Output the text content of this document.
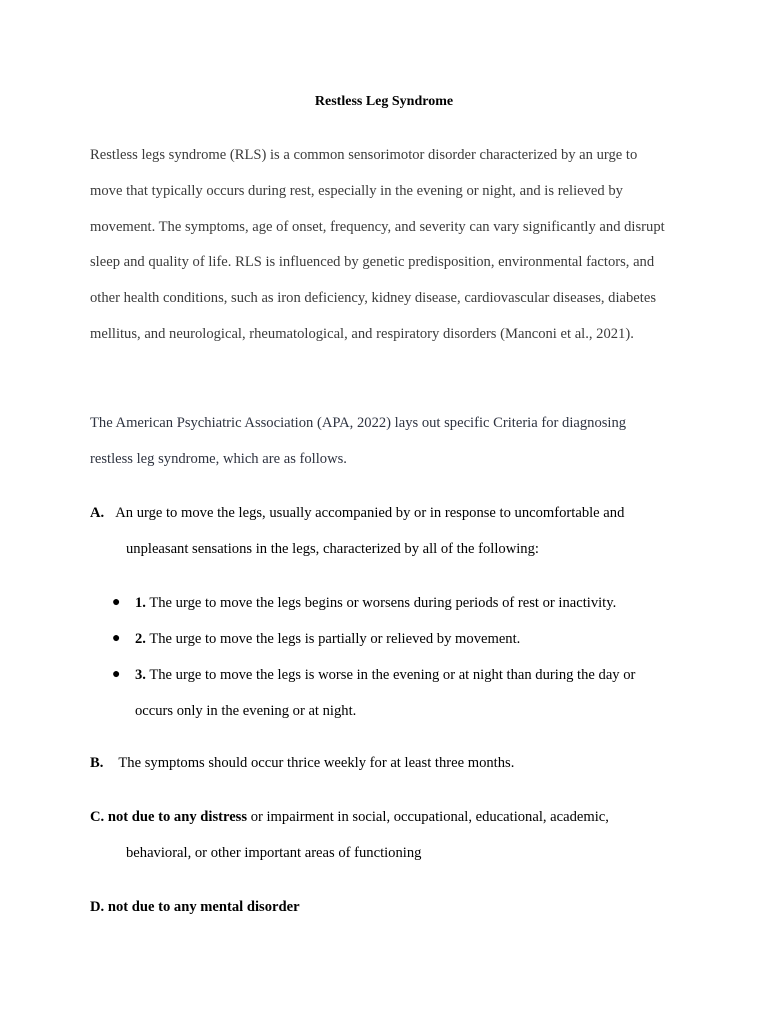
Restless Leg Syndrome

Restless legs syndrome (RLS) is a common sensorimotor disorder characterized by an urge to move that typically occurs during rest, especially in the evening or night, and is relieved by movement. The symptoms, age of onset, frequency, and severity can vary significantly and disrupt sleep and quality of life. RLS is influenced by genetic predisposition, environmental factors, and other health conditions, such as iron deficiency, kidney disease, cardiovascular diseases, diabetes mellitus, and neurological, rheumatological, and respiratory disorders (Manconi et al., 2021).

The American Psychiatric Association (APA, 2022) lays out specific Criteria for diagnosing restless leg syndrome, which are as follows.

A. An urge to move the legs, usually accompanied by or in response to uncomfortable and
unpleasant sensations in the legs, characterized by all of the following:
● 1. The urge to move the legs begins or worsens during periods of rest or inactivity.
● 2. The urge to move the legs is partially or relieved by movement.
● 3. The urge to move the legs is worse in the evening or at night than during the day or occurs only in the evening or at night.
B. The symptoms should occur thrice weekly for at least three months.
C. not due to any distress or impairment in social, occupational, educational, academic,
behavioral, or other important areas of functioning
D. not due to any mental disorder
